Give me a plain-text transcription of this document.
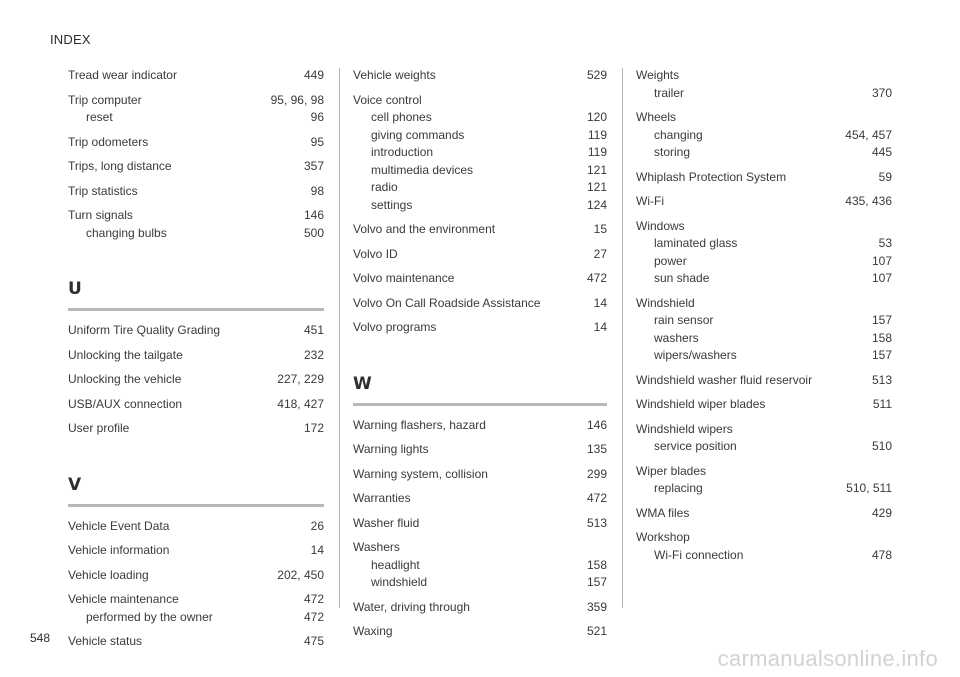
INDEX
Tread wear indicator	449
Trip computer	95, 96, 98
reset	96
Trip odometers	95
Trips, long distance	357
Trip statistics	98
Turn signals	146
changing bulbs	500
U
Uniform Tire Quality Grading	451
Unlocking the tailgate	232
Unlocking the vehicle	227, 229
USB/AUX connection	418, 427
User profile	172
V
Vehicle Event Data	26
Vehicle information	14
Vehicle loading	202, 450
Vehicle maintenance	472
performed by the owner	472
Vehicle status	475
Vehicle weights	529
Voice control
cell phones	120
giving commands	119
introduction	119
multimedia devices	121
radio	121
settings	124
Volvo and the environment	15
Volvo ID	27
Volvo maintenance	472
Volvo On Call Roadside Assistance	14
Volvo programs	14
W
Warning flashers, hazard	146
Warning lights	135
Warning system, collision	299
Warranties	472
Washer fluid	513
Washers
headlight	158
windshield	157
Water, driving through	359
Waxing	521
Weights
trailer	370
Wheels
changing	454, 457
storing	445
Whiplash Protection System	59
Wi-Fi	435, 436
Windows
laminated glass	53
power	107
sun shade	107
Windshield
rain sensor	157
washers	158
wipers/washers	157
Windshield washer fluid reservoir	513
Windshield wiper blades	511
Windshield wipers
service position	510
Wiper blades
replacing	510, 511
WMA files	429
Workshop
Wi-Fi connection	478
548
carmanualsonline.info
